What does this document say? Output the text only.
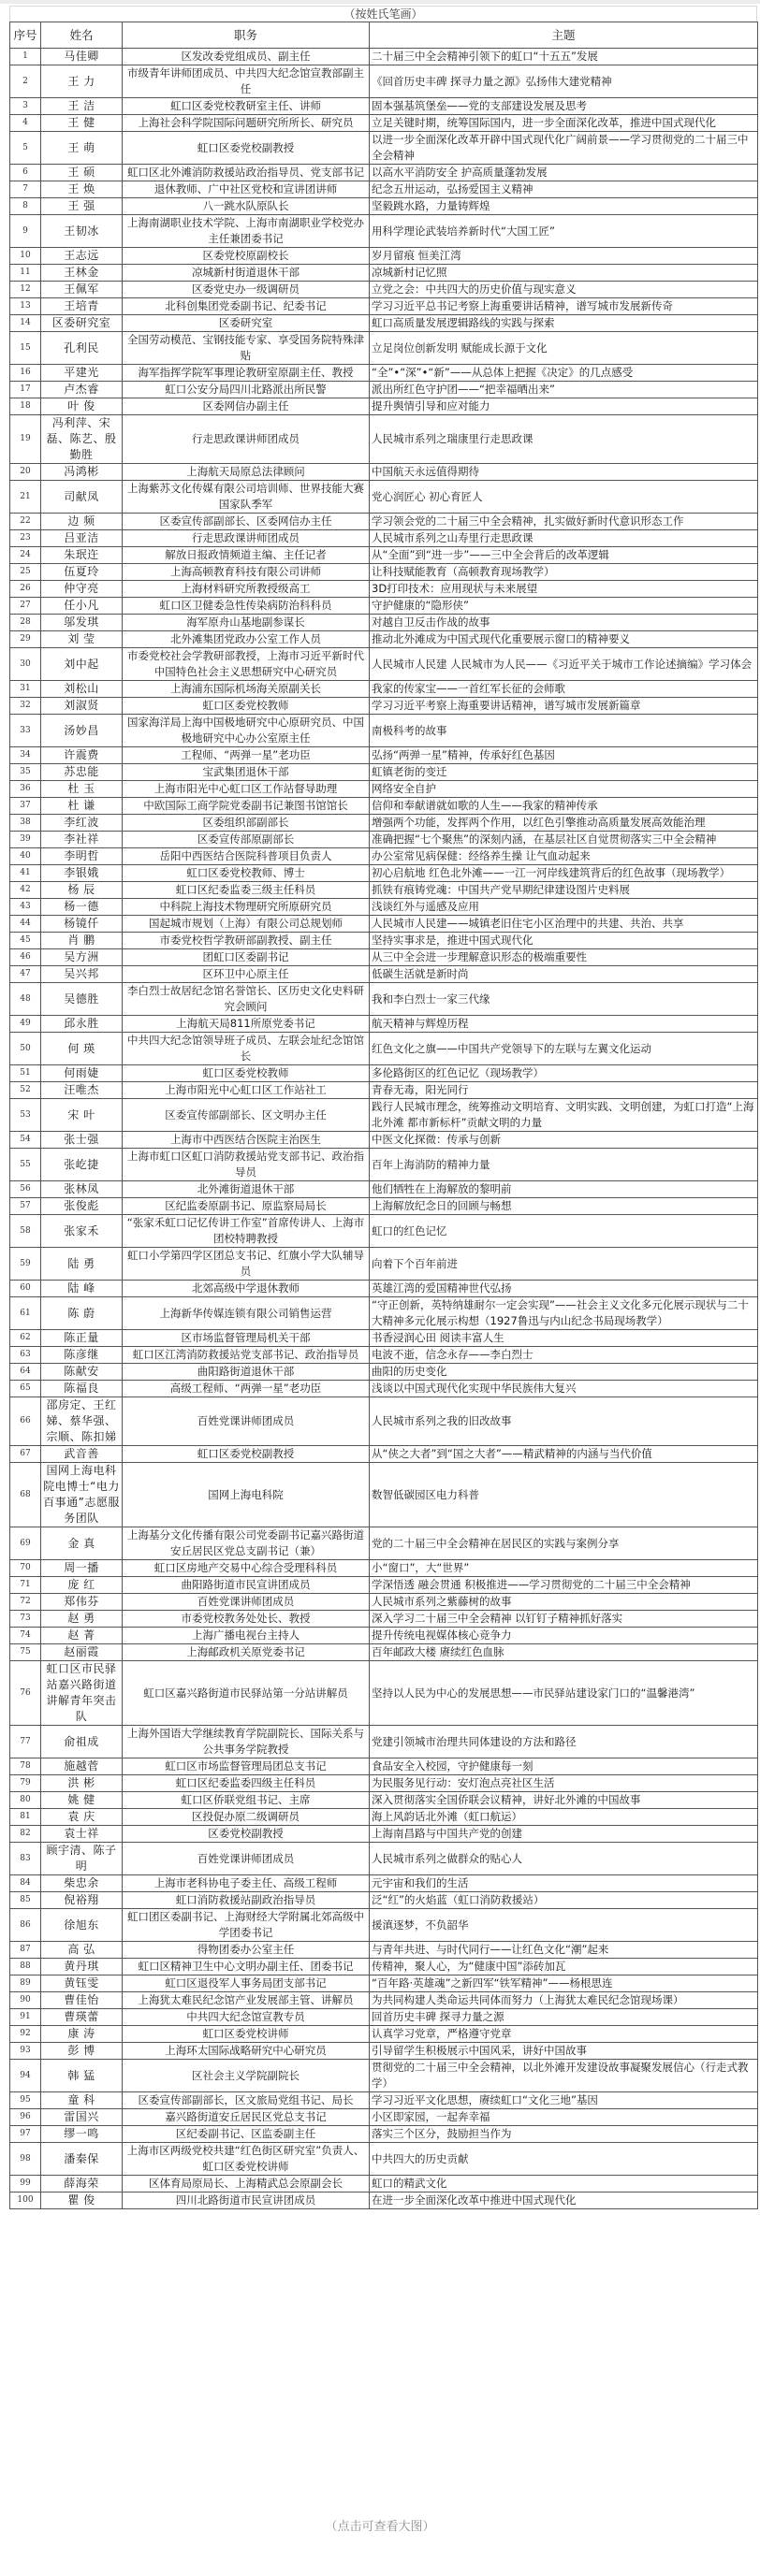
（按姓氏笔画）
序号	姓名	职务	主题
1	马佳卿	区发改委党组成员、副主任	二十届三中全会精神引领下的虹口“十五五”发展
2	王 力	市级青年讲师团成员、中共四大纪念馆宣教部副主任	《回首历史丰碑 探寻力量之源》弘扬伟大建党精神
3	王 洁	虹口区委党校教研室主任、讲师	固本强基筑堡垒——党的支部建设发展及思考
4	王 健	上海社会科学院国际问题研究所所长、研究员	立足关键时期，统筹国际国内，进一步全面深化改革，推进中国式现代化
5	王 萌	虹口区委党校副教授	以进一步全面深化改革开辟中国式现代化广阔前景——学习贯彻党的二十届三中全会精神
6	王 硕	虹口区北外滩消防救援站政治指导员、党支部书记	以高水平消防安全 护高质量蓬勃发展
7	王 焕	退休教师、广中社区党校和宣讲团讲师	纪念五卅运动，弘扬爱国主义精神
8	王 强	八一跳水队原队长	坚毅跳水路，力量铸辉煌
9	王韧冰	上海南湖职业技术学院、上海市南湖职业学校党办主任兼团委书记	用科学理论武装培养新时代“大国工匠”
10	王志远	区委党校原副校长	岁月留痕 恒美江湾
11	王林金	凉城新村街道退休干部	凉城新村记忆照
12	王佩军	区委党史办一级调研员	立党之会：中共四大的历史价值与现实意义
13	王培青	北科创集团党委副书记、纪委书记	学习习近平总书记考察上海重要讲话精神，谱写城市发展新传奇
14	区委研究室	区委研究室	虹口高质量发展逻辑路线的实践与探索
15	孔利民	全国劳动模范、宝钢技能专家、享受国务院特殊津贴	立足岗位创新发明 赋能成长源于文化
16	平建光	海军指挥学院军事理论教研室原副主任、教授	“全”•“深”•“新”——从总体上把握《决定》的几点感受
17	卢杰睿	虹口公安分局四川北路派出所民警	派出所红色守护团——“把幸福晒出来”
18	叶 俊	区委网信办副主任	提升舆情引导和应对能力
19	冯利萍、宋磊、陈艺、殷勤胜	行走思政课讲师团成员	人民城市系列之瑞康里行走思政课
20	冯鸿彬	上海航天局原总法律顾问	中国航天永远值得期待
21	司献凤	上海紫苏文化传媒有限公司培训师、世界技能大赛国家队季军	党心润匠心 初心育匠人
22	边 频	区委宣传部副部长、区委网信办主任	学习领会党的二十届三中全会精神，扎实做好新时代意识形态工作
23	吕亚洁	行走思政课讲师团成员	人民城市系列之山寿里行走思政课
24	朱珉迕	解放日报政情频道主编、主任记者	从“全面”到“进一步”——三中全会背后的改革逻辑
25	伍夏玲	上海高顿教育科技有限公司讲师	让科技赋能教育（高顿教育现场教学）
26	仲守亮	上海材料研究所教授级高工	3D打印技术：应用现状与未来展望
27	任小凡	虹口区卫健委急性传染病防治科科员	守护健康的“隐形侠”
28	邬发琪	海军原舟山基地副参谋长	对越自卫反击作战的故事
29	刘 莹	北外滩集团党政办公室工作人员	推动北外滩成为中国式现代化重要展示窗口的精神要义
30	刘中起	市委党校社会学教研部教授，上海市习近平新时代中国特色社会主义思想研究中心研究员	人民城市人民建 人民城市为人民——《习近平关于城市工作论述摘编》学习体会
31	刘松山	上海浦东国际机场海关原副关长	我家的传家宝——一首红军长征的会师歌
32	刘淑贤	虹口区委党校教师	学习习近平考察上海重要讲话精神，谱写城市发展新篇章
33	汤妙昌	国家海洋局上海中国极地研究中心原研究员、中国极地研究中心办公室原主任	南极科考的故事
34	许震费	工程师、“两弹一星”老功臣	弘扬“两弹一星”精神，传承好红色基因
35	苏忠能	宝武集团退休干部	虹镇老街的变迁
36	杜 玉	上海市阳光中心虹口区工作站督导助理	网络安全自护
37	杜 谦	中欧国际工商学院党委副书记兼图书馆馆长	信仰和奉献谱就如歌的人生——我家的精神传承
38	李红波	区委组织部副部长	增强两个功能，发挥两个作用，以红色引擎推动高质量发展高效能治理
39	李社祥	区委宣传部原副部长	准确把握“七个聚焦”的深刻内涵，在基层社区自觉贯彻落实三中全会精神
40	李明哲	岳阳中西医结合医院科普项目负责人	办公室常见病保健：经络养生操 让气血动起来
41	李银娥	虹口区委党校教师、博士	初心启航地 红色北外滩——一江一河岸线建筑背后的红色故事（现场教学）
42	杨 辰	虹口区纪委监委三级主任科员	抓铁有痕铸党魂：中国共产党早期纪律建设图片史料展
43	杨一德	中科院上海技术物理研究所原研究员	浅谈红外与遥感及应用
44	杨镜仟	国起城市规划（上海）有限公司总规划师	人民城市人民建——城镇老旧住宅小区治理中的共建、共治、共享
45	肖 鹏	市委党校哲学教研部副教授、副主任	坚持实事求是，推进中国式现代化
46	吴方洲	团虹口区委副书记	从三中全会进一步理解意识形态的极端重要性
47	吴兴邦	区环卫中心原主任	低碳生活就是新时尚
48	吴德胜	李白烈士故居纪念馆名誉馆长、区历史文化史料研究会顾问	我和李白烈士一家三代缘
49	邱永胜	上海航天局811所原党委书记	航天精神与辉煌历程
50	何 瑛	中共四大纪念馆领导班子成员、左联会址纪念馆馆长	红色文化之旗——中国共产党领导下的左联与左翼文化运动
51	何雨婕	虹口区委党校教师	多伦路街区的红色记忆（现场教学）
52	汪唯杰	上海市阳光中心虹口区工作站社工	青春无毒，阳光同行
53	宋 叶	区委宣传部副部长、区文明办主任	践行人民城市理念，统筹推动文明培育、文明实践、文明创建，为虹口打造“上海北外滩 都市新标杆”贡献文明的力量
54	张士强	上海市中西医结合医院主治医生	中医文化探微：传承与创新
55	张屹捷	上海市虹口区虹口消防救援站党支部书记、政治指导员	百年上海消防的精神力量
56	张林凤	北外滩街道退休干部	他们牺牲在上海解放的黎明前
57	张俊彪	区纪监委原副书记、原监察局局长	上海解放纪念日的回顾与畅想
58	张家禾	“张家禾虹口记忆传讲工作室”首席传讲人、上海市团校特聘教授	虹口的红色记忆
59	陆 勇	虹口小学第四学区团总支书记、红旗小学大队辅导员	向着下个百年前进
60	陆 峰	北郊高级中学退休教师	英雄江湾的爱国精神世代弘扬
61	陈 蔚	上海新华传媒连锁有限公司销售运营	“守正创新，英特纳雄耐尔一定会实现”——社会主义文化多元化展示现状与二十大精神多元化展示构想（1927鲁迅与内山纪念书局现场教学）
62	陈正量	区市场监督管理局机关干部	书香浸润心田 阅读丰富人生
63	陈彦继	虹口区江湾消防救援站党支部书记、政治指导员	电波不逝，信念永存——李白烈士
64	陈献安	曲阳路街道退休干部	曲阳的历史变化
65	陈福良	高级工程师、“两弹一星”老功臣	浅谈以中国式现代化实现中华民族伟大复兴
66	邵房定、王红娣、蔡华强、宗顺、陈扣娣	百姓党课讲师团成员	人民城市系列之我的旧改故事
67	武音善	虹口区委党校副教授	从“侠之大者”到“国之大者”——精武精神的内涵与当代价值
68	国网上海电科院电博士“电力百事通”志愿服务团队	国网上海电科院	数智低碳园区电力科普
69	金 真	上海基分文化传播有限公司党委副书记嘉兴路街道安丘居民区党总支副书记（兼）	党的二十届三中全会精神在居民区的实践与案例分享
70	周一播	虹口区房地产交易中心综合受理科科员	小“窗口”，大“世界”
71	庞 红	曲阳路街道市民宣讲团成员	学深悟透 融会贯通 积极推进——学习贯彻党的二十届三中全会精神
72	郑伟芬	百姓党课讲师团成员	人民城市系列之紫藤树的故事
73	赵 勇	市委党校教务处处长、教授	深入学习二十届三中全会精神 以钉钉子精神抓好落实
74	赵 菁	上海广播电视台主持人	提升传统电视媒体核心竞争力
75	赵丽霞	上海邮政机关原党委书记	百年邮政大楼 赓续红色血脉
76	虹口区市民驿站嘉兴路街道讲解青年突击队	虹口区嘉兴路街道市民驿站第一分站讲解员	坚持以人民为中心的发展思想——市民驿站建设家门口的“温馨港湾”
77	俞祖成	上海外国语大学继续教育学院副院长、国际关系与公共事务学院教授	党建引领城市治理共同体建设的方法和路径
78	施越菅	虹口区市场监督管理局团总支书记	食品安全入校园，守护健康每一刻
79	洪 彬	虹口区纪委监委四级主任科员	为民服务见行动：安灯泡点亮社区生活
80	姚 健	虹口区侨联党组书记、主席	深入贯彻落实全国侨联会议精神，讲好北外滩的中国故事
81	袁 庆	区投促办原二级调研员	海上风韵话北外滩（虹口航运）
82	袁士祥	区委党校副教授	上海南昌路与中国共产党的创建
83	顾宇清、陈子明	百姓党课讲师团成员	人民城市系列之做群众的贴心人
84	柴忠余	上海市老科协电子委主任、高级工程师	元宇宙和我们的生活
85	倪裕翔	虹口消防救援站副政治指导员	泛“红”的火焰蓝（虹口消防救援站）
86	徐旭东	虹口团区委副书记、上海财经大学附属北郊高级中学团委书记	援滇逐梦，不负韶华
87	高 弘	得物团委办公室主任	与青年共进、与时代同行——让红色文化“潮”起来
88	黄丹琪	虹口区精神卫生中心文明办副主任、团委书记	传精神，聚人心，为“健康中国”添砖加瓦
89	黄钰雯	虹口区退役军人事务局团支部书记	“百年路·英雄魂”之新四军“铁军精神”——杨根思连
90	曹佳怡	上海犹太难民纪念馆产业发展部主管、讲解员	为共同构建人类命运共同体而努力（上海犹太难民纪念馆现场课）
91	曹瑛蕾	中共四大纪念馆宣教专员	回首历史丰碑 探寻力量之源
92	康 涛	虹口区委党校讲师	认真学习党章，严格遵守党章
93	彭 博	上海环太国际战略研究中心研究员	引导留学生积极展示中国风采，讲好中国故事
94	韩 猛	区社会主义学院副院长	贯彻党的二十届三中全会精神，以北外滩开发建设故事凝聚发展信心（行走式教学）
95	童 科	区委宣传部副部长，区文旅局党组书记、局长	学习习近平文化思想，赓续虹口“文化三地”基因
96	雷国兴	嘉兴路街道安丘居民区党总支书记	小区即家园，一起奔幸福
97	缪一鸣	区纪委副书记、区监委副主任	落实三个区分，鼓励担当作为
98	潘秦保	上海市区两级党校共建“红色街区研究室”负责人、虹口区委党校讲师	中共四大的历史贡献
99	薛海荣	区体育局原局长、上海精武总会原副会长	虹口的精武文化
100	瞿 俊	四川北路街道市民宣讲团成员	在进一步全面深化改革中推进中国式现代化
（点击可查看大图）
